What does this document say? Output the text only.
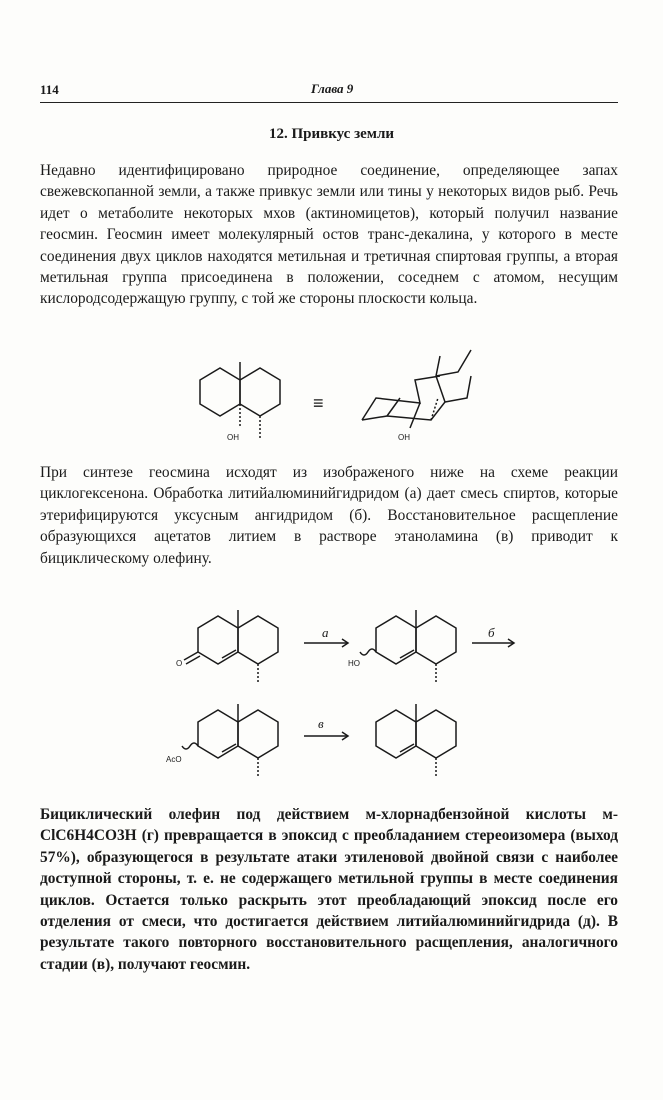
114	Глава 9
12. Привкус земли

Недавно идентифицировано природное соединение, определяющее запах свежевскопанной земли, а также привкус земли или тины у некоторых видов рыб. Речь идет о метаболите некоторых мхов (актиномицетов), который получил название геосмин. Геосмин имеет молекулярный остов транс-декалина, у которого в месте соединения двух циклов находятся метильная и третичная спиртовая группы, а вторая метильная группа присоединена в положении, соседнем с атомом, несущим кислородсодержащую группу, с той же стороны плоскости кольца.

При синтезе геосмина исходят из изображеного ниже на схеме реакции циклогексенона. Обработка литийалюминийгидридом (а) дает смесь спиртов, которые этерифицируются уксусным ангидридом (б). Восстановительное расщепление образующихся ацетатов литием в растворе этаноламина (в) приводит к бициклическому олефину.

Бициклический олефин под действием м-хлорнадбензойной кислоты м-ClC6H4CO3H (г) превращается в эпоксид с преобладанием стереоизомера (выход 57%), образующегося в результате атаки этиленовой двойной связи с наиболее доступной стороны, т. е. не содержащего метильной группы в месте соединения циклов. Остается только раскрыть этот преобладающий эпоксид после его отделения от смеси, что достигается действием литийалюминийгидрида (д). В результате такого повторного восстановительного расщепления, аналогичного стадии (в), получают геосмин.

OH
≡
OH
O
а
HO
б
AcO
в
